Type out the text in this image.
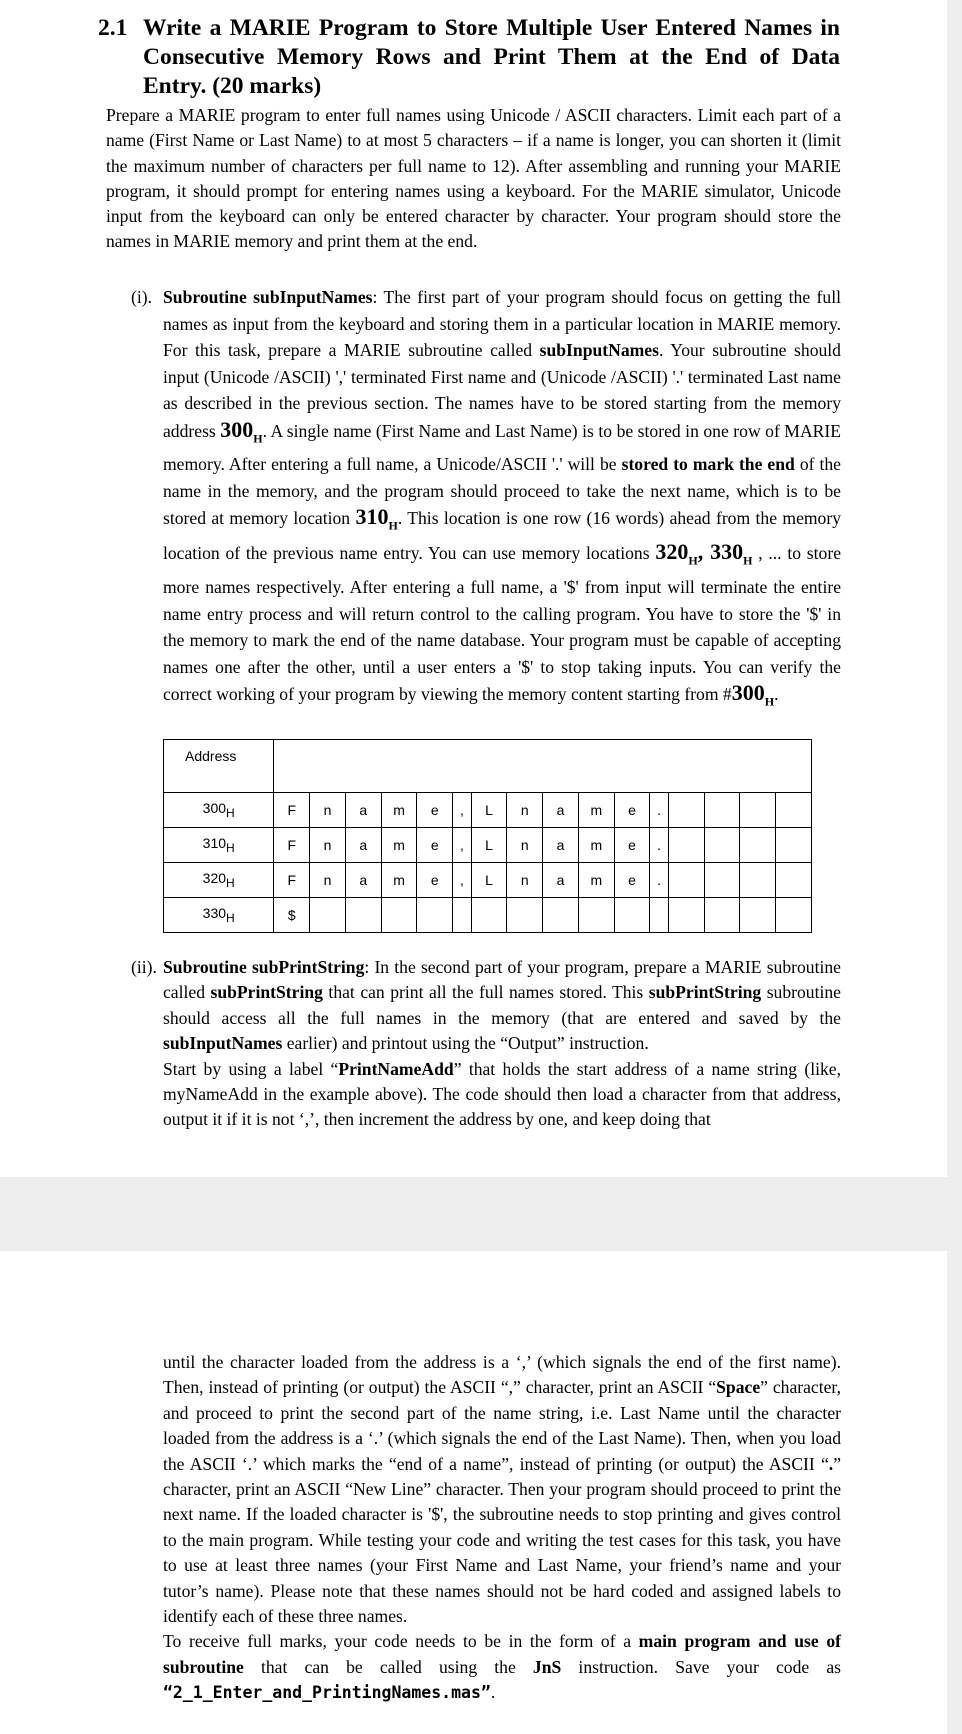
2.1 Write a MARIE Program to Store Multiple User Entered Names in Consecutive Memory Rows and Print Them at the End of Data Entry. (20 marks)
Prepare a MARIE program to enter full names using Unicode / ASCII characters. Limit each part of a name (First Name or Last Name) to at most 5 characters – if a name is longer, you can shorten it (limit the maximum number of characters per full name to 12). After assembling and running your MARIE program, it should prompt for entering names using a keyboard. For the MARIE simulator, Unicode input from the keyboard can only be entered character by character. Your program should store the names in MARIE memory and print them at the end.
(i). Subroutine subInputNames: The first part of your program should focus on getting the full names as input from the keyboard and storing them in a particular location in MARIE memory. For this task, prepare a MARIE subroutine called subInputNames. Your subroutine should input (Unicode /ASCII) ',' terminated First name and (Unicode /ASCII) '.' terminated Last name as described in the previous section. The names have to be stored starting from the memory address $300_H$. A single name (First Name and Last Name) is to be stored in one row of MARIE memory. After entering a full name, a Unicode/ASCII '.' will be stored to mark the end of the name in the memory, and the program should proceed to take the next name, which is to be stored at memory location $310_H$. This location is one row (16 words) ahead from the memory location of the previous name entry. You can use memory locations $320_H$, $330_H$ , ... to store more names respectively. After entering a full name, a '$' from input will terminate the entire name entry process and will return control to the calling program. You have to store the '$' in the memory to mark the end of the name database. Your program must be capable of accepting names one after the other, until a user enters a '$' to stop taking inputs. You can verify the correct working of your program by viewing the memory content starting from $\#300_H$.
Address																
$300_H$	F	n	a	m	e	,	L	n	a	m	e	.				
$310_H$	F	n	a	m	e	,	L	n	a	m	e	.				
$320_H$	F	n	a	m	e	,	L	n	a	m	e	.				
$330_H$	$															
(ii). Subroutine subPrintString: In the second part of your program, prepare a MARIE subroutine called subPrintString that can print all the full names stored. This subPrintString subroutine should access all the full names in the memory (that are entered and saved by the subInputNames earlier) and printout using the “Output” instruction.
Start by using a label “PrintNameAdd” that holds the start address of a name string (like, myNameAdd in the example above). The code should then load a character from that address, output it if it is not ‘,’, then increment the address by one, and keep doing that
until the character loaded from the address is a ‘,’ (which signals the end of the first name). Then, instead of printing (or output) the ASCII “,” character, print an ASCII “Space” character, and proceed to print the second part of the name string, i.e. Last Name until the character loaded from the address is a ‘.’ (which signals the end of the Last Name). Then, when you load the ASCII ‘.’ which marks the “end of a name”, instead of printing (or output) the ASCII “.” character, print an ASCII “New Line” character. Then your program should proceed to print the next name. If the loaded character is '$', the subroutine needs to stop printing and gives control to the main program. While testing your code and writing the test cases for this task, you have to use at least three names (your First Name and Last Name, your friend’s name and your tutor’s name). Please note that these names should not be hard coded and assigned labels to identify each of these three names.
To receive full marks, your code needs to be in the form of a main program and use of subroutine that can be called using the JnS instruction. Save your code as “2_1_Enter_and_PrintingNames.mas”.
